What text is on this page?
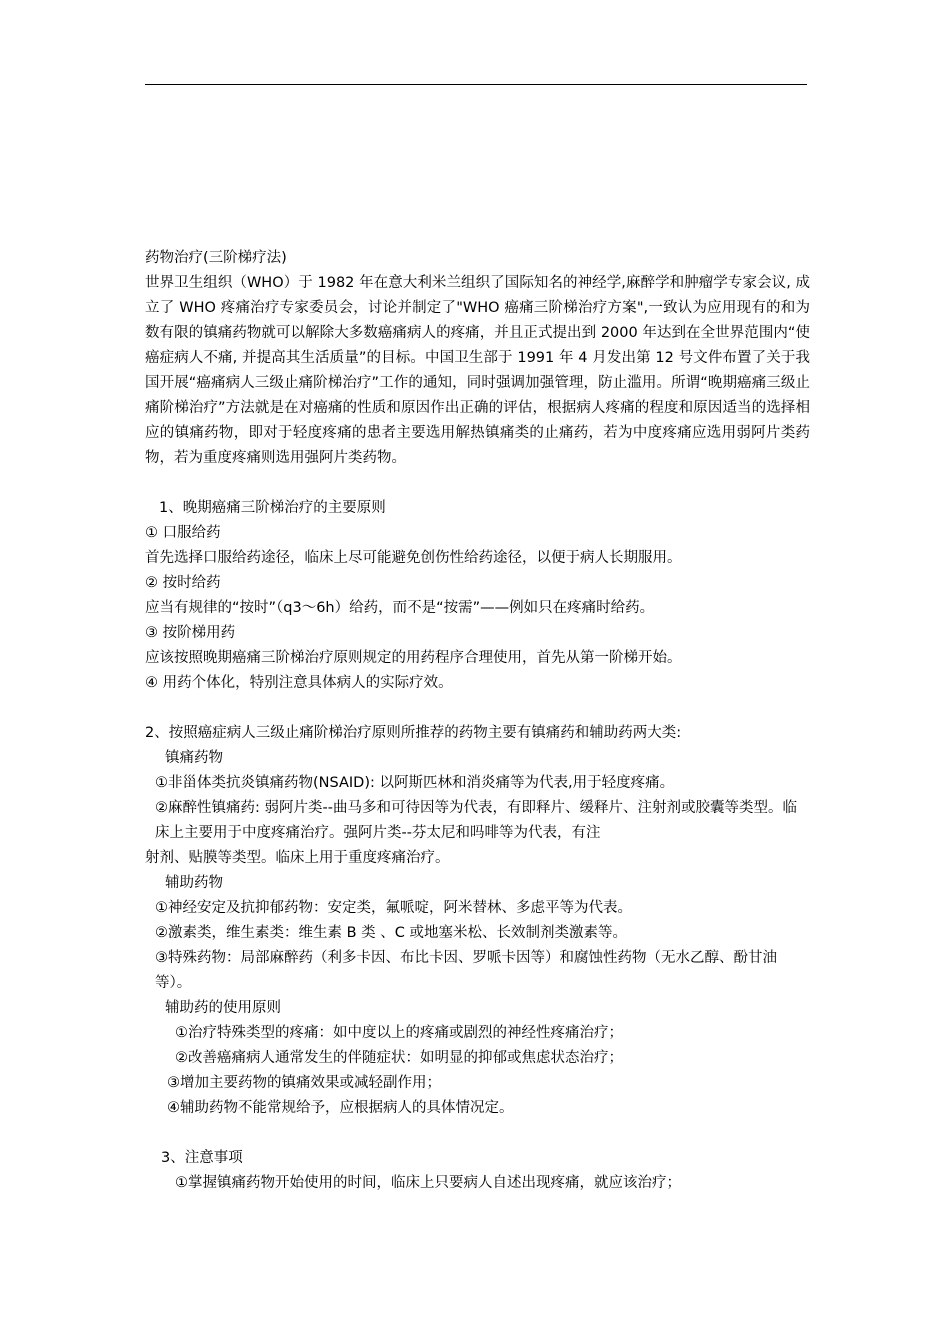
药物治疗(三阶梯疗法)

世界卫生组织（WHO）于 1982 年在意大利米兰组织了国际知名的神经学,麻醉学和肿瘤学专家会议, 成立了 WHO 疼痛治疗专家委员会，讨论并制定了"WHO 癌痛三阶梯治疗方案",一致认为应用现有的和为数有限的镇痛药物就可以解除大多数癌痛病人的疼痛，并且正式提出到 2000 年达到在全世界范围内“使癌症病人不痛, 并提高其生活质量”的目标。中国卫生部于 1991 年 4 月发出第 12 号文件布置了关于我国开展“癌痛病人三级止痛阶梯治疗”工作的通知，同时强调加强管理，防止滥用。所谓“晚期癌痛三级止痛阶梯治疗”方法就是在对癌痛的性质和原因作出正确的评估，根据病人疼痛的程度和原因适当的选择相应的镇痛药物，即对于轻度疼痛的患者主要选用解热镇痛类的止痛药，若为中度疼痛应选用弱阿片类药物，若为重度疼痛则选用强阿片类药物。

1、晚期癌痛三阶梯治疗的主要原则

① 口服给药

首先选择口服给药途径，临床上尽可能避免创伤性给药途径，以便于病人长期服用。

② 按时给药

应当有规律的“按时”（q3～6h）给药，而不是“按需”——例如只在疼痛时给药。

③ 按阶梯用药

应该按照晚期癌痛三阶梯治疗原则规定的用药程序合理使用，首先从第一阶梯开始。

④ 用药个体化，特别注意具体病人的实际疗效。

2、按照癌症病人三级止痛阶梯治疗原则所推荐的药物主要有镇痛药和辅助药两大类:

镇痛药物

①非甾体类抗炎镇痛药物(NSAID): 以阿斯匹林和消炎痛等为代表,用于轻度疼痛。

②麻醉性镇痛药: 弱阿片类--曲马多和可待因等为代表，有即释片、缓释片、注射剂或胶囊等类型。临床上主要用于中度疼痛治疗。强阿片类--芬太尼和吗啡等为代表，有注

射剂、贴膜等类型。临床上用于重度疼痛治疗。

辅助药物

①神经安定及抗抑郁药物：安定类，氟哌啶，阿米替林、多虑平等为代表。

②激素类，维生素类：维生素 B 类 、C 或地塞米松、长效制剂类激素等。

③特殊药物：局部麻醉药（利多卡因、布比卡因、罗哌卡因等）和腐蚀性药物（无水乙醇、酚甘油等）。

辅助药的使用原则

①治疗特殊类型的疼痛：如中度以上的疼痛或剧烈的神经性疼痛治疗；

②改善癌痛病人通常发生的伴随症状：如明显的抑郁或焦虑状态治疗；

③增加主要药物的镇痛效果或减轻副作用；

④辅助药物不能常规给予，应根据病人的具体情况定。

3、注意事项

①掌握镇痛药物开始使用的时间，临床上只要病人自述出现疼痛，就应该治疗；
